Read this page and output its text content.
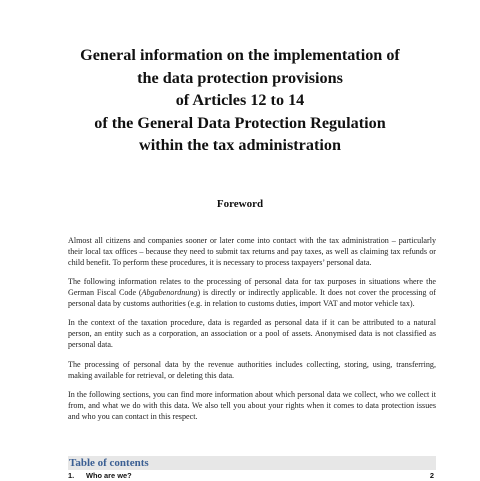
General information on the implementation of
the data protection provisions
of Articles 12 to 14
of the General Data Protection Regulation
within the tax administration
Foreword

Almost all citizens and companies sooner or later come into contact with the tax administration – particularly their local tax offices – because they need to submit tax returns and pay taxes, as well as claiming tax refunds or child benefit. To perform these procedures, it is necessary to process taxpayers’ personal data.

The following information relates to the processing of personal data for tax purposes in situations where the German Fiscal Code (Abgabenordnung) is directly or indirectly applicable. It does not cover the processing of personal data by customs authorities (e.g. in relation to customs duties, import VAT and motor vehicle tax).

In the context of the taxation procedure, data is regarded as personal data if it can be attributed to a natural person, an entity such as a corporation, an association or a pool of assets. Anonymised data is not classified as personal data.

The processing of personal data by the revenue authorities includes collecting, storing, using, transferring, making available for retrieval, or deleting this data.

In the following sections, you can find more information about which personal data we collect, who we collect it from, and what we do with this data. We also tell you about your rights when it comes to data protection issues and who you can contact in this respect.

Table of contents
1.	Who are we?	2
